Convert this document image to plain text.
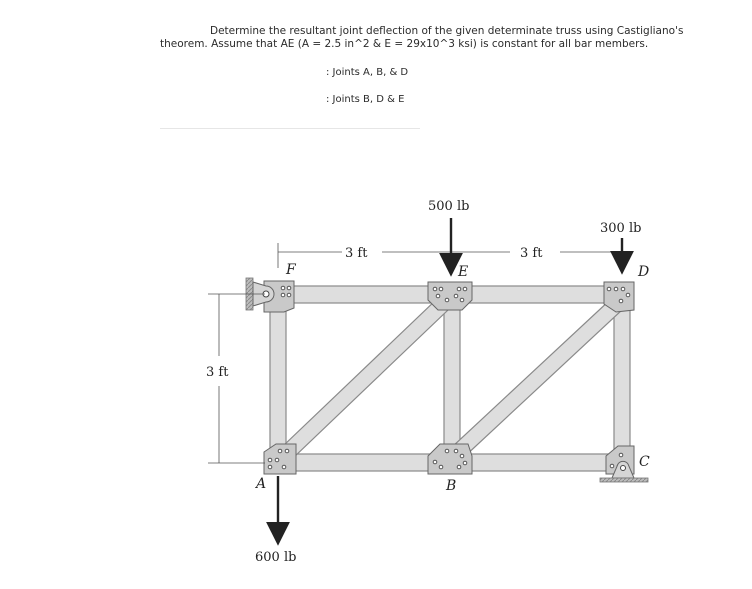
Determine the resultant joint deflection of the given determinate truss using Castigliano's
theorem. Assume that AE (A = 2.5 in^2 & E = 29x10^3 ksi) is constant for all bar members.
: Joints A, B, & D
: Joints B, D & E
F	E	D
A	B
C
3 ft	3 ft
3 ft
500 lb
300 lb
600 lb
